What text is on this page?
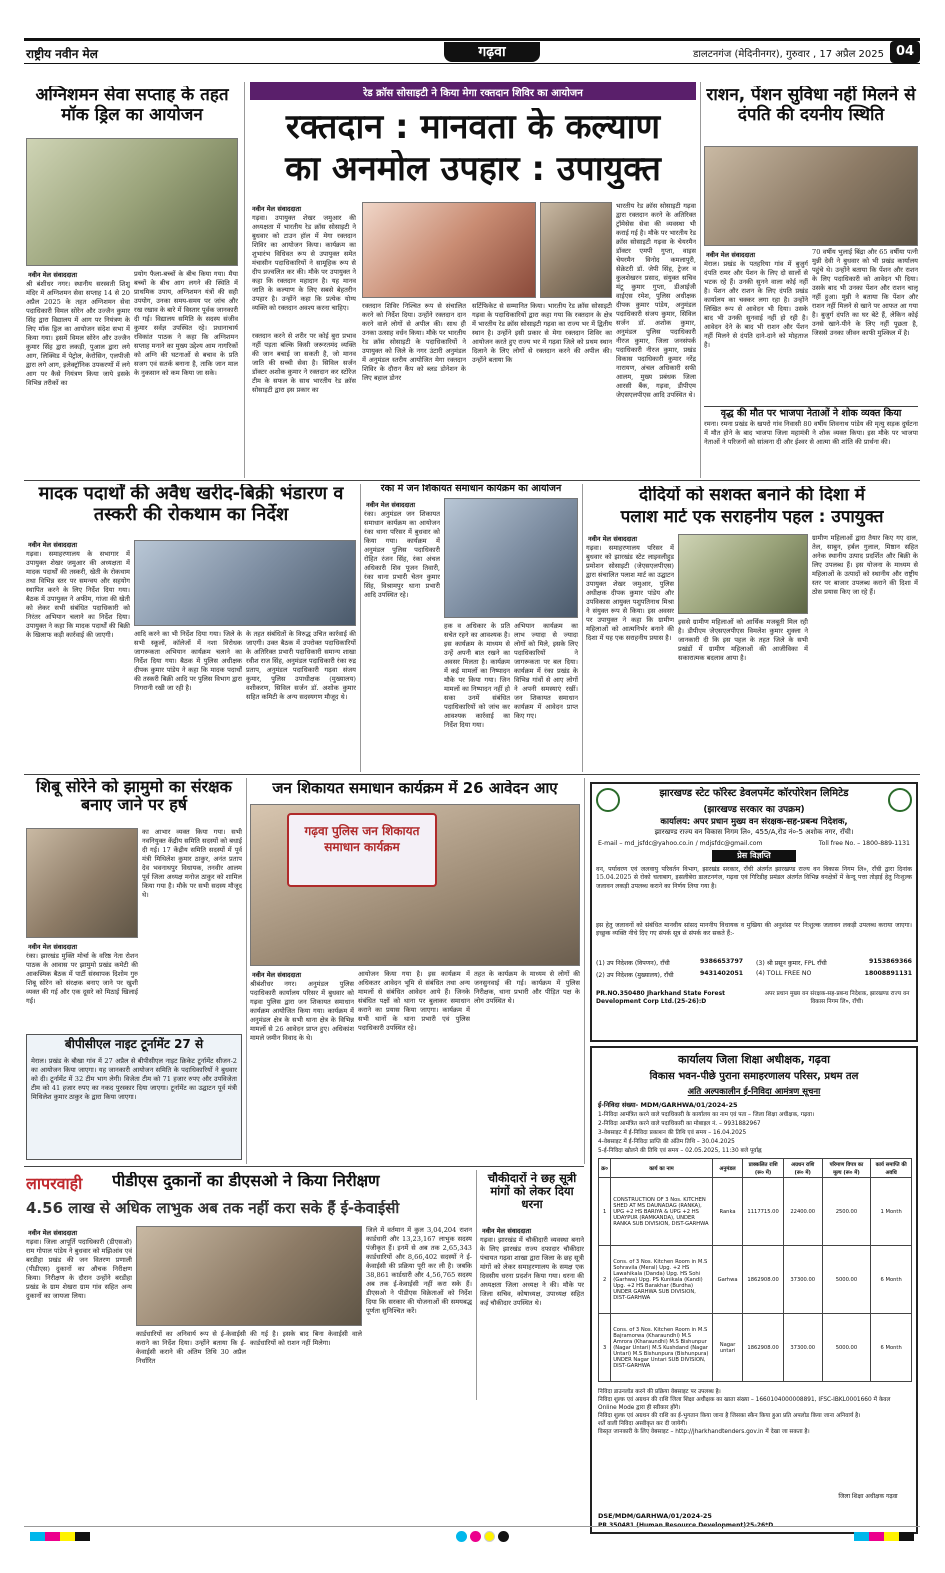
राष्ट्रीय नवीन मेल	गढ़वा	डालटनगंज (मेदिनीनगर), गुरुवार , 17 अप्रैल 2025 04
अग्निशमन सेवा सप्ताह के तहत मॉक ड्रिल का आयोजन
नवीन मेल संवाददाता
श्री बंशीधर नगर। स्थानीय सरस्वती शिशु मंदिर में अग्निशमन सेवा सप्ताह 14 से 20 अप्रैल 2025 के तहत अग्निशमन सेवा पदाधिकारी विमल सोरेन और उज्जैन कुमार सिंह द्वारा विद्यालय में आग पर नियंत्रण के लिए मॉक ड्रिल का आयोजन संदेश सभा में किया गया। इसमें विमल सोरेन और उज्जैन कुमार सिंह द्वारा लकड़ी, पुआल द्वारा लगे आग, लिक्विड में पेट्रोल, केरोसिन, एलपीजी द्वारा लगे आग, इलेक्ट्रॉनिक उपकरणों में लगे आग पर कैसे नियंत्रण किया जाये इसके विभिन्न तरीकों का
प्रयोग फैला-बच्चों के बीच किया गया। मैया बच्चों के बीच आग लगने की स्थिति में प्राथमिक उपाय, अग्निशमन यंत्रों की सही उपयोग, उनका समय-समय पर जांच और रख रखाव के बारे में विस्तार पूर्वक जानकारी दी गई। विद्यालय समिति के सदस्य संजीव कुमार सर्वज्ञ उपस्थित रहे। प्रधानाचार्य रविकांत पाठक ने कहा कि अग्निशमन सप्ताह मनाने का मुख्य उद्देश्य आम नागरिकों को अग्नि की घटनाओं से बचाव के प्रति सजग एवं सतर्क बनाना है, ताकि जान माल के नुकसान को कम किया जा सके।
रेड क्रॉस सोसाइटी ने किया मेगा रक्तदान शिविर का आयोजन
रक्तदान : मानवता के कल्याण
का अनमोल उपहार : उपायुक्त
नवीन मेल संवाददाता
गढ़वा। उपायुक्त शेखर जमुआर की अध्यक्षता में भारतीय रेड क्रॉस सोसाइटी ने बुधवार को टाउन हॉल में मेगा रक्तदान शिविर का आयोजन किया। कार्यक्रम का शुभारंभ विधिवत रूप से उपायुक्त समेत मंचासीन पदाधिकारियों ने सामूहिक रूप से दीप प्रज्वलित कर की। मौके पर उपायुक्त ने कहा कि रक्तदान महादान है। यह मानव जाति के कल्याण के लिए सबसे बेहतरीन उपहार है। उन्होंने कहा कि प्रत्येक योग्य व्यक्ति को रक्तदान अवश्य करना चाहिए।
रक्तदान करने से शरीर पर कोई बुरा प्रभाव नहीं पड़ता बल्कि किसी जरूरतमंद व्यक्ति की जान बचाई जा सकती है, जो मानव जाति की सच्ची सेवा है। सिविल सर्जन डॉक्टर अशोक कुमार ने रक्तदान कर स्टोरेज टीम के सफल के साथ भारतीय रेड क्रॉस सोसाइटी द्वारा इस प्रकार का
रक्तदान शिविर निश्चित रूप से संचालित करने को निर्देश दिया। उन्होंने रक्तदान दान करने वाले लोगों से अपील की। साथ ही उनका उत्साह वर्धन किया। मौके पर भारतीय रेड क्रॉस सोसाइटी के पदाधिकारियों ने उपायुक्त को जिले के नगर उंटारी अनुमंडल में अनुमंडल स्तरीय आयोजित मेगा रक्तदान शिविर के दौरान कैंप को ब्लड डोनेशन के लिए बहाल डोनर
सर्टिफिकेट से सम्मानित किया। भारतीय रेड क्रॉस सोसाइटी गढ़वा के पदाधिकारियों द्वारा कहा गया कि रक्तदान के क्षेत्र में भारतीय रेड क्रॉस सोसाइटी गढ़वा का राज्य भर में द्वितीय स्थान है। उन्होंने इसी प्रकार से मेगा रक्तदान शिविर का आयोजन करते हुए राज्य भर में गढ़वा जिले को प्रथम स्थान दिलाने के लिए लोगों से रक्तदान करने की अपील की। उन्होंने बताया कि
भारतीय रेड क्रॉस सोसाइटी गढ़वा द्वारा रक्तदान करने के अतिरिक्त ट्रॉमेसेस सेवा की व्यवस्था भी कराई गई है। मौके पर भारतीय रेड क्रॉस सोसाइटी गढ़वा के चेयरमैन डॉक्टर एमपी गुप्ता, वाइस चेयरमैन विनोद कमलापुरी, सेक्रेटरी डॉ. जेपी सिंह, ट्रेजर व कुलशेखरन प्रसाद, संयुक्त सचिव मंटू कुमार गुप्ता, डीआईजी वाईएस रमेश, पुलिस अधीक्षक दीपक कुमार पांडेय, अनुमंडल पदाधिकारी संजय कुमार, सिविल सर्जन डॉ. अशोक कुमार, अनुमंडल पुलिस पदाधिकारी नीरज कुमार, जिला जनसंपर्क पदाधिकारी नीरज कुमार, प्रखंड विकास पदाधिकारी कुमार नरेंद्र नारायण, अंचल अधिकारी सफी आलम, मुख्य प्रबंधक जिला आरसी बैंक, गढ़वा, डीपीएम जेएसएलपीएस आदि उपस्थित थे।
राशन, पेंशन सुविधा नहीं मिलने से दंपति की दयनीय स्थिति
नवीन मेल संवाददाता
मेराल। प्रखंड के पतहरिया गांव में बुजुर्ग दंपति रामर और पेंशन के लिए दो सालों से भटक रहे हैं। उनकी सुनने वाला कोई नहीं है। पेंशन और राशन के लिए दंपति प्रखंड कार्यालय का चक्कर लगा रहा है। उन्होंने लिखित रूप से आवेदन भी दिया। उसके बाद भी उनकी सुनवाई नहीं हो रही है। आवेदन देने के बाद भी राशन और पेंशन नहीं मिलने से दंपति दाने-दाने को मोहताज है।
70 वर्षीय भुलाई बिंद्रा और 65 वर्षीया पत्नी मुन्नी देवी ने बुधवार को भी प्रखंड कार्यालय पहुंचे थे। उन्होंने बताया कि पेंशन और राशन के लिए पदाधिकारी को आवेदन भी दिया। उसके बाद भी उनका पेंशन और राशन चालू नहीं हुआ। मुन्नी ने बताया कि पेंशन और राशन नहीं मिलने से खाने पर आफत आ गया है। बुजुर्ग दंपति का घर बेटे हैं, लेकिन कोई उनसे खाने-पीने के लिए नहीं पूछता है, जिससे उनका जीवन काफी मुश्किल में है।
वृद्ध की मौत पर भाजपा नेताओं ने शोक व्यक्त किया
रमना। रमना प्रखंड के खपरो गांव निवासी 80 वर्षीय शिवनाथ पांडेय की मृत्यु सड़क दुर्घटना में मौत होने के बाद भाजपा जिला महामंत्री ने शोक व्यक्त किया। इस मौके पर भाजपा नेताओं ने परिजनों को सांत्वना दी और ईश्वर से आत्मा की शांति की प्रार्थना की।
मादक पदार्थों की अवैध खरीद-बिक्री भंडारण व तस्करी की रोकथाम का निर्देश
नवीन मेल संवाददाता
गढ़वा। समाहरणालय के सभागार में उपायुक्त शेखर जमुआर की अध्यक्षता में मादक पदार्थों की तस्करी, खेती के रोकथाम तथा विभिन्न स्तर पर समन्वय और सहयोग स्थापित करने के लिए निर्देश दिया गया। बैठक में उपायुक्त ने अफीम, गांजा की खेती को लेकर सभी संबंधित पदाधिकारी को निरंतर अभियान चलाने का निर्देश दिया। उपायुक्त ने कहा कि मादक पदार्थों की बिक्री के खिलाफ कड़ी कार्रवाई की जाएगी।	आदि करने का भी निर्देश दिया गया। जिले के सभी स्कूलों, कॉलेजों में नशा विरोधक जागरूकता अभियान कार्यक्रम चलाने का निर्देश दिया गया। बैठक में पुलिस अधीक्षक दीपक कुमार पांडेय ने कहा कि मादक पदार्थों की तस्करी बिक्री आदि पर पुलिस विभाग द्वारा निगरानी रखी जा रही है।
के तहत संबंधितों के विरुद्ध उचित कार्रवाई की जाएगी। उक्त बैठक में उपरोक्त पदाधिकारियों के अतिरिक्त प्रभारी पदाधिकारी समान्य शाखा रवीश राज सिंह, अनुमंडल पदाधिकारी रंका रुद्र प्रताप, अनुमंडल पदाधिकारी गढ़वा संजय कुमार, पुलिस उपाधीक्षक (मुख्यालय) वशीकरण, सिविल सर्जन डॉ. अशोक कुमार सहित कमिटी के अन्य सदस्यगण मौजूद थे।
रंका में जन शिकायत समाधान कार्यक्रम का आयोजन
नवीन मेल संवाददाता
रंका। अनुमंडल जन शिकायत समाधान कार्यक्रम का आयोजन रंका थाना परिसर में बुधवार को किया गया। कार्यक्रम में अनुमंडल पुलिस पदाधिकारी रोहित रंजन सिंह, रंका अंचल अधिकारी शिव पूजन तिवारी, रंका थाना प्रभारी चेतन कुमार सिंह, विश्रामपुर थाना प्रभारी आदि उपस्थित रहे।
हक व अधिकार के प्रति सचेत रहने का आवश्यक है। इस कार्यक्रम के माध्यम से उन्हें अपनी बात रखने का अवसर मिलता है। कार्यक्रम में कई मामलों का निष्पादन मौके पर किया गया। जिन मामलों का निष्पादन नहीं हो सका उनमें संबंधित पदाधिकारियों को जांच कर आवश्यक कार्रवाई का निर्देश दिया गया।
अभियान कार्यक्रम का लाभ ज्यादा से ज्यादा लोगों को मिले, इसके लिए पदाधिकारियों ने जागरूकता पर बल दिया। कार्यक्रम में रंका प्रखंड के विभिन्न गांवों से आए लोगों ने अपनी समस्याएं रखीं। जन शिकायत समाधान कार्यक्रम में आवेदन प्राप्त किए गए।
दीदियों को सशक्त बनाने की दिशा में
पलाश मार्ट एक सराहनीय पहल : उपायुक्त
नवीन मेल संवाददाता
गढ़वा। समाहरणालय परिसर में बुधवार को झारखंड स्टेट लाइवलीहुड प्रमोशन सोसाइटी (जेएसएलपीएस) द्वारा संचालित पलाश मार्ट का उद्घाटन उपायुक्त शेखर जमुआर, पुलिस अधीक्षक दीपक कुमार पांडेय और उपविकास आयुक्त पशुपतिनाथ मिश्रा ने संयुक्त रूप से किया। इस अवसर पर उपायुक्त ने कहा कि ग्रामीण महिलाओं को आत्मनिर्भर बनाने की दिशा में यह एक सराहनीय प्रयास है।
इससे ग्रामीण महिलाओं को आर्थिक मजबूती मिल रही है। डीपीएम जेएसएलपीएस विमलेश कुमार शुक्ला ने जानकारी दी कि इस पहल के तहत जिले के सभी प्रखंडों में ग्रामीण महिलाओं की आजीविका में सकारात्मक बदलाव आया है।
ग्रामीण महिलाओं द्वारा तैयार किए गए दाल, तेल, साबुन, हर्बल गुलाल, मिष्ठान सहित अनेक स्थानीय उत्पाद प्रदर्शित और बिक्री के लिए उपलब्ध हैं। इस योजना के माध्यम से महिलाओं के उत्पादों को स्थानीय और राष्ट्रीय स्तर पर बाजार उपलब्ध कराने की दिशा में ठोस प्रयास किए जा रहे हैं।
शिबू सोरेने को झामुमो का संरक्षक बनाए जाने पर हर्ष
नवीन मेल संवाददाता
रंका। झारखंड मुक्ति मोर्चा के वरिष्ठ नेता रोशन पाठक के आवास पर झामुमो प्रखंड कमेटी की आकस्मिक बैठक में पार्टी संस्थापक दिशोम गुरु शिबू सोरेन को संरक्षक बनाए जाने पर खुशी व्यक्त की गई और एक दूसरे को मिठाई खिलाई गई।
का आभार व्यक्त किया गया। सभी नवनियुक्त केंद्रीय समिति सदस्यों को बधाई दी गई। 17 केंद्रीय समिति सदस्यों में पूर्व मंत्री मिथिलेश कुमार ठाकुर, अनंत प्रताप देव भवनाथपुर विधायक, तनवीर आलम पूर्व जिला अध्यक्ष मनोज ठाकुर को शामिल किया गया है। मौके पर सभी सदस्य मौजूद थे।
बीपीसीएल नाइट टूर्नामेंट 27 से
मेराल। प्रखंड के बौखा गांव में 27 अप्रैल से बीपीसीएल नाइट क्रिकेट टूर्नामेंट सीजन-2 का आयोजन किया जाएगा। यह जानकारी आयोजन समिति के पदाधिकारियों ने बुधवार को दी। टूर्नामेंट में 32 टीम भाग लेगी। विजेता टीम को 71 हजार रुपए और उपविजेता टीम को 41 हजार रुपए का नकद पुरस्कार दिया जाएगा। टूर्नामेंट का उद्घाटन पूर्व मंत्री मिथिलेश कुमार ठाकुर के द्वारा किया जाएगा।
जन शिकायत समाधान कार्यक्रम में 26 आवेदन आए
गढ़वा पुलिस जन शिकायत समाधान कार्यक्रम
नवीन मेल संवाददाता
श्रीबंशीधर नगर। अनुमंडल पुलिस पदाधिकारी कार्यालय परिसर में बुधवार को गढ़वा पुलिस द्वारा जन शिकायत समाधान कार्यक्रम आयोजित किया गया। कार्यक्रम में अनुमंडल क्षेत्र के सभी थाना क्षेत्र के विभिन्न मामलों से 26 आवेदन प्राप्त हुए। अधिकांश मामले जमीन विवाद के थे।
आयोजन किया गया है। इस कार्यक्रम में अधिकतर आवेदन भूमि से संबंधित तथा अन्य मामलों से संबंधित आवेदन आये हैं। जिनके संबंधित पक्षों को थाना पर बुलाकर समाधान कराने का प्रयास किया जाएगा। कार्यक्रम में सभी थानों के थाना प्रभारी एवं पुलिस पदाधिकारी उपस्थित रहे।
तहत के कार्यक्रम के माध्यम से लोगों की जनसुनवाई की गई। कार्यक्रम में पुलिस निरीक्षक, थाना प्रभारी और पीड़ित पक्ष के लोग उपस्थित थे।
झारखण्ड स्टेट फॉरेस्ट डेवलपमेंट कॉरपोरेशन लिमिटेड
(झारखण्ड सरकार का उपक्रम)
कार्यालय: अपर प्रधान मुख्य वन संरक्षक-सह-प्रबन्ध निदेशक,
झारखण्ड राज्य वन विकास निगम लि०, 455/A,रोड नं०-5 अशोक नगर, राँची।
E-mail – md_jsfdc@yahoo.co.in / mdjsfdc@gmail.com	Toll free No. – 1800-889-1131
प्रेस विज्ञप्ति
वन, पर्यावरण एवं जलवायु परिवर्तन विभाग, झारखंड सरकार, राँची अंतर्गत झारखण्ड राज्य वन विकास निगम लि०, राँची द्वारा दिनांक 15.04.2025 से रोको चलाबाग, इसलीबेरा डालटनगंज, गढ़वा एवं गिरिडीह प्रमंडल अंतर्गत विभिन्न वनक्षेत्रों में केन्दू पत्ता तोड़ाई हेतु निःशुल्क जलावन लकड़ी उपलब्ध कराने का निर्णय लिया गया है।
इस हेतु जलावनों को संबंधित मानवीय सांसद माननीय विधायक व मुखिया की अनुशंसा पर निःशुल्क जलावन लकड़ी उपलब्ध कराया जाएगा। इच्छुक व्यक्ति नीचे दिए गए संपर्क सूत्र से संपर्क कर सकते हैं:-
(1) उप निदेशक (विपणन), राँची	9386653797 (3) श्री प्रसून कुमार, FPL राँची	9153869366
(2) उप निदेशक (मुख्यालय), राँची	9431402051 (4) TOLL FREE NO	18008891131
PR.NO.350480 Jharkhand State Forest Development Corp Ltd.(25-26):D
अपर प्रधान मुख्य वन संरक्षक-सह-प्रबन्ध निदेशक, झारखण्ड राज्य वन विकास निगम लि०, राँची।
कार्यालय जिला शिक्षा अधीक्षक, गढ़वा
विकास भवन-पीछे पुराना समाहरणालय परिसर, प्रथम तल
अति अल्पकालीन ई-निविदा आमंत्रण सूचना
ई-निविदा संख्या- MDM/GARHWA/01/2024-25
1-निविदा आमंत्रित करने वाले पदाधिकारी के कार्यालय का नाम एवं पता – जिला शिक्षा अधीक्षक, गढ़वा।
2-निविदा आमंत्रित करने वाले पदाधिकारी का मोबाइल नं. – 9931882967
3-वेबसाइट में ई-निविदा प्रकाशन की तिथि एवं समय – 16.04.2025
4-वेबसाइट में ई-निविदा प्राप्ति की अंतिम तिथि – 30.04.2025
5-ई-निविदा खोलने की तिथि एवं समय – 02.05.2025, 11:30 बजे पूर्वाह्न
क्र०	कार्य का नाम	अनुमंडल	प्राक्कलित राशि (रू० में)	अग्रधन राशि (रू० में)	परिमाण विपत्र का मूल्य (रू० में)	कार्य समाप्ति की अवधि
1	CONSTRUCTION OF 3 Nos. KITCHEN SHED AT MS DAUNADAG (RANKA), UPG +2 HS BARIYA & UPG +2 HS UDAYPUR (RAMKANDA), UNDER RANKA SUB DIVISION, DIST-GARHWA	Ranka	1117715.00	22400.00	2500.00	1 Month
2	Cons. of 3 Nos. Kitchen Room in M.S Sohravila (Meral) Upg. +2 HS Lawahikala (Danda) Upg. HS Sohi (Garhwa) Upg. PS Kunikala (Kandi) Upg. +2 HS Barakhar (Burdha) UNDER GARHWA SUB DIVISION, DIST-GARHWA	Garhwa	1862908.00	37300.00	5000.00	6 Month
3	Cons. of 3 Nos. Kitchen Room in M.S Bajramorwa (Kharaundhi) M.S Amrora (Kharaundhi) M.S Bishunpur (Nagar Untari) M.S Kushdand (Nagar Untari) M.S Bishunpura (Bishunpura) UNDER Nagar Untari SUB DIVISION, DIST-GARHWA	Nagar untari	1862908.00	37300.00	5000.00	6 Month
निविदा डाउनलोड करने की प्रक्रिया वेबसाइट पर उपलब्ध है।
निविदा शुल्क एवं अग्रधन की राशि जिला शिक्षा अधीक्षक का खाता संख्या – 1660104000008891, IFSC-IBKL0001660 में केवल Online Mode द्वारा ही स्वीकार होंगे।
निविदा शुल्क एवं अग्रधन की राशि का ई-भुगतान किया जाना है जिसका स्कैन किया हुआ प्रति अपलोड किया जाना अनिवार्य है।
शर्ते वाली निविदा अस्वीकृत कर दी जायेगी।
विस्तृत जानकारी के लिए वेबसाइट – http://jharkhandtenders.gov.in में देखा जा सकता है।
जिला शिक्षा अधीक्षक गढ़वा
DSE/MDM/GARHWA/01/2024-25
PR 350481 (Human Resource Development)25-26*D
लापरवाही	पीडीएस दुकानों का डीएसओ ने किया निरीक्षण
4.56 लाख से अधिक लाभुक अब तक नहीं करा सके हैं ई-केवाईसी
नवीन मेल संवाददाता
गढ़वा। जिला आपूर्ति पदाधिकारी (डीएसओ) राम गोपाल पांडेय ने बुधवार को मझिआंव एवं बरडीहा प्रखंड की जन वितरण प्रणाली (पीडीएस) दुकानों का औचक निरीक्षण किया। निरीक्षण के दौरान उन्होंने बरडीहा प्रखंड के ग्राम शेखरा ग्राम गांव सहित अन्य दुकानों का जायजा लिया।
कार्डधारियों का अनिवार्य रूप से ई-केवाईसी कराने का निर्देश दिया। उन्होंने बताया कि ई-केवाईसी कराने की अंतिम तिथि 30 अप्रैल निर्धारित
की गई है। इसके बाद बिना केवाईसी वाले कार्डधारियों को राशन नहीं मिलेगा।
जिले में वर्तमान में कुल 3,04,204 राशन कार्डधारी और 13,23,167 लाभुक सदस्य पंजीकृत हैं। इनमें से अब तक 2,65,343 कार्डधारियों और 8,66,402 सदस्यों ने ई-केवाईसी की प्रक्रिया पूरी कर ली है। जबकि 38,861 कार्डधारी और 4,56,765 सदस्य अब तक ई-केवाईसी नहीं करा सके हैं। डीएसओ ने पीडीएस विक्रेताओं को निर्देश दिया कि सरकार की योजनाओं की समयबद्ध पूर्णता सुनिश्चित करें।
चौकीदारों ने छह सूत्री मांगों को लेकर दिया धरना
नवीन मेल संवाददाता
गढ़वा। झारखंड में चौकीदारी व्यवस्था बनाने के लिए झारखंड राज्य दफादार चौकीदार पंचायत गढ़वा शाखा द्वारा जिला के छह सूत्री मांगों को लेकर समाहरणालय के समक्ष एक दिवसीय धरना प्रदर्शन किया गया। धरना की अध्यक्षता जिला अध्यक्ष ने की। मौके पर जिला सचिव, कोषाध्यक्ष, उपाध्यक्ष सहित कई चौकीदार उपस्थित थे।
